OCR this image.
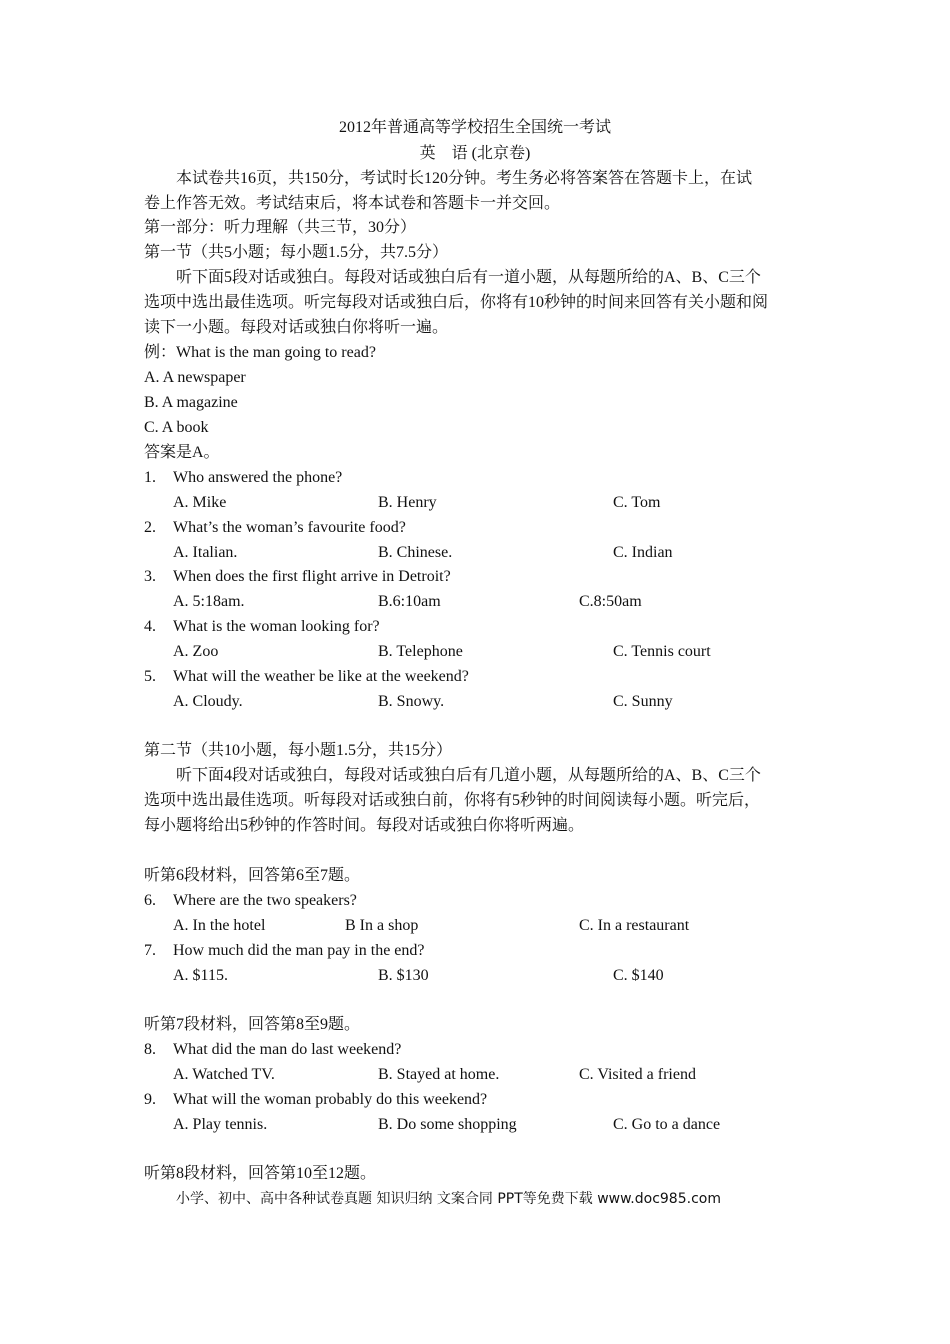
2012年普通高等学校招生全国统一考试
英　语 (北京卷)
本试卷共16页，共150分，考试时长120分钟。考生务必将答案答在答题卡上，在试
卷上作答无效。考试结束后，将本试卷和答题卡一并交回。
第一部分：听力理解（共三节，30分）
第一节（共5小题；每小题1.5分，共7.5分）
听下面5段对话或独白。每段对话或独白后有一道小题，从每题所给的A、B、C三个
选项中选出最佳选项。听完每段对话或独白后，你将有10秒钟的时间来回答有关小题和阅
读下一小题。每段对话或独白你将听一遍。
例：What is the man going to read?
A. A newspaper
B. A magazine
C. A book
答案是A。
1. Who answered the phone?
A. Mike	B. Henry	C. Tom
2. What’s the woman’s favourite food?
A. Italian.	B. Chinese.	C. Indian
3. When does the first flight arrive in Detroit?
A. 5:18am.	B.6:10am	C.8:50am
4. What is the woman looking for?
A. Zoo	B. Telephone	C. Tennis court
5. What will the weather be like at the weekend?
A. Cloudy.	B. Snowy.	C. Sunny
第二节（共10小题，每小题1.5分，共15分）
听下面4段对话或独白，每段对话或独白后有几道小题，从每题所给的A、B、C三个
选项中选出最佳选项。听每段对话或独白前，你将有5秒钟的时间阅读每小题。听完后，
每小题将给出5秒钟的作答时间。每段对话或独白你将听两遍。
听第6段材料，回答第6至7题。
6. Where are the two speakers?
A. In the hotel	B In a shop	C. In a restaurant
7. How much did the man pay in the end?
A. $115.	B. $130	C. $140
听第7段材料，回答第8至9题。
8. What did the man do last weekend?
A. Watched TV.	B. Stayed at home.	C. Visited a friend
9. What will the woman probably do this weekend?
A. Play tennis.	B. Do some shopping	C. Go to a dance
听第8段材料，回答第10至12题。
小学、初中、高中各种试卷真题 知识归纳 文案合同 PPT等免费下载 www.doc985.com
